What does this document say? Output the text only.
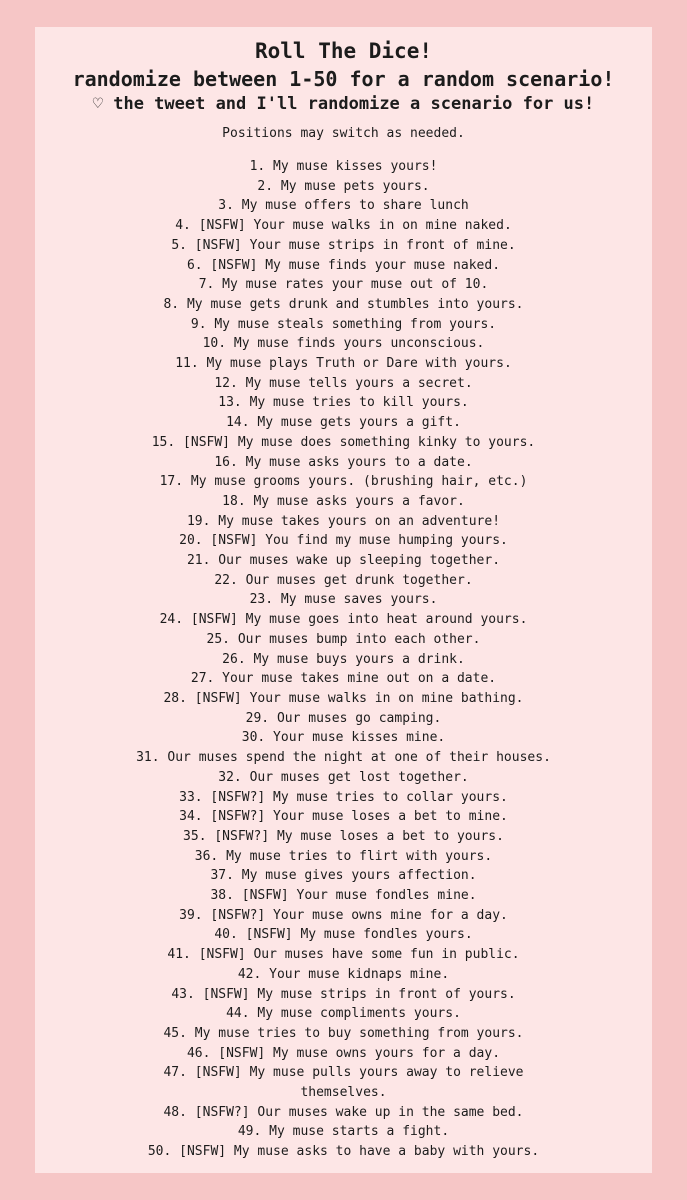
Roll The Dice!
randomize between 1-50 for a random scenario!
♡ the tweet and I'll randomize a scenario for us!
Positions may switch as needed.
1. My muse kisses yours!
2. My muse pets yours.
3. My muse offers to share lunch
4. [NSFW] Your muse walks in on mine naked.
5. [NSFW] Your muse strips in front of mine.
6. [NSFW] My muse finds your muse naked.
7. My muse rates your muse out of 10.
8. My muse gets drunk and stumbles into yours.
9. My muse steals something from yours.
10. My muse finds yours unconscious.
11. My muse plays Truth or Dare with yours.
12. My muse tells yours a secret.
13. My muse tries to kill yours.
14. My muse gets yours a gift.
15. [NSFW] My muse does something kinky to yours.
16. My muse asks yours to a date.
17. My muse grooms yours. (brushing hair, etc.)
18. My muse asks yours a favor.
19. My muse takes yours on an adventure!
20. [NSFW] You find my muse humping yours.
21. Our muses wake up sleeping together.
22. Our muses get drunk together.
23. My muse saves yours.
24. [NSFW] My muse goes into heat around yours.
25. Our muses bump into each other.
26. My muse buys yours a drink.
27. Your muse takes mine out on a date.
28. [NSFW] Your muse walks in on mine bathing.
29. Our muses go camping.
30. Your muse kisses mine.
31. Our muses spend the night at one of their houses.
32. Our muses get lost together.
33. [NSFW?] My muse tries to collar yours.
34. [NSFW?] Your muse loses a bet to mine.
35. [NSFW?] My muse loses a bet to yours.
36. My muse tries to flirt with yours.
37. My muse gives yours affection.
38. [NSFW] Your muse fondles mine.
39. [NSFW?] Your muse owns mine for a day.
40. [NSFW] My muse fondles yours.
41. [NSFW] Our muses have some fun in public.
42. Your muse kidnaps mine.
43. [NSFW] My muse strips in front of yours.
44. My muse compliments yours.
45. My muse tries to buy something from yours.
46. [NSFW] My muse owns yours for a day.
47. [NSFW] My muse pulls yours away to relieve themselves.
48. [NSFW?] Our muses wake up in the same bed.
49. My muse starts a fight.
50. [NSFW] My muse asks to have a baby with yours.
